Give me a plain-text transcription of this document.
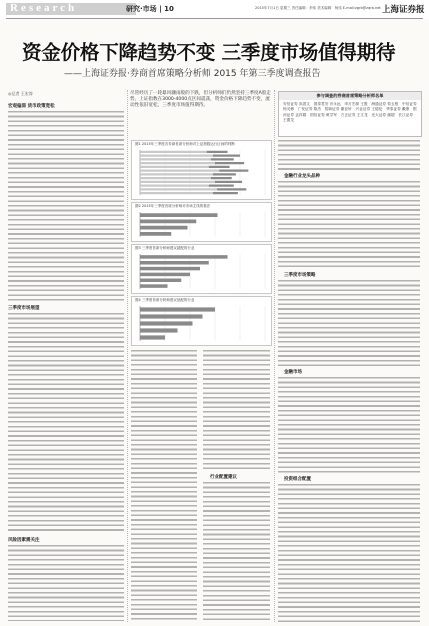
Research	研究·市场 | 10	2015年7月1日 星期三 责任编辑：李伟 美术编辑：杨伟 E-mail:zgrb@zqrb.net 上海证券报
资金价格下降趋势不变 三季度市场值得期待
——上海证券报·券商首席策略分析师 2015 年第三季度调查报告
◎记者 王宏涛
宏观偏弱 货币政策宽松
三季度市场展望
风险因素需关注
尽管经历了一轮暴风骤雨般的下跌，但分析师们仍然坚持三季度A股走势，上证指数在3000-4000点区间震荡，资金价格下降趋势不变，流动性依旧宽松，三季度市场值得期待。
图1 2015年三季度各券商首席分析师对上证指数运行区间的判断
图2 2015年三季度首席分析师对市场主线的看法
图3 三季度首席分析师建议超配的行业
图4 三季度首席分析师建议低配的行业
行业配置建议
参与调查的券商首席策略分析师名单
安信证券 高善文　国泰君安 乔永远　申万宏源 王胜　海通证券 荀玉根　中信证券 杨灵修　广发证券 陈杰　招商证券 谢亚轩　兴业证券 王德伦　华泰证券 戴康　银河证券 孟祥娟　国信证券 黄学军　方正证券 王文龙　光大证券 谢超　长江证券 王德龙
金融行业龙头品种
三季度市场策略
金融市场
投资组合配置
